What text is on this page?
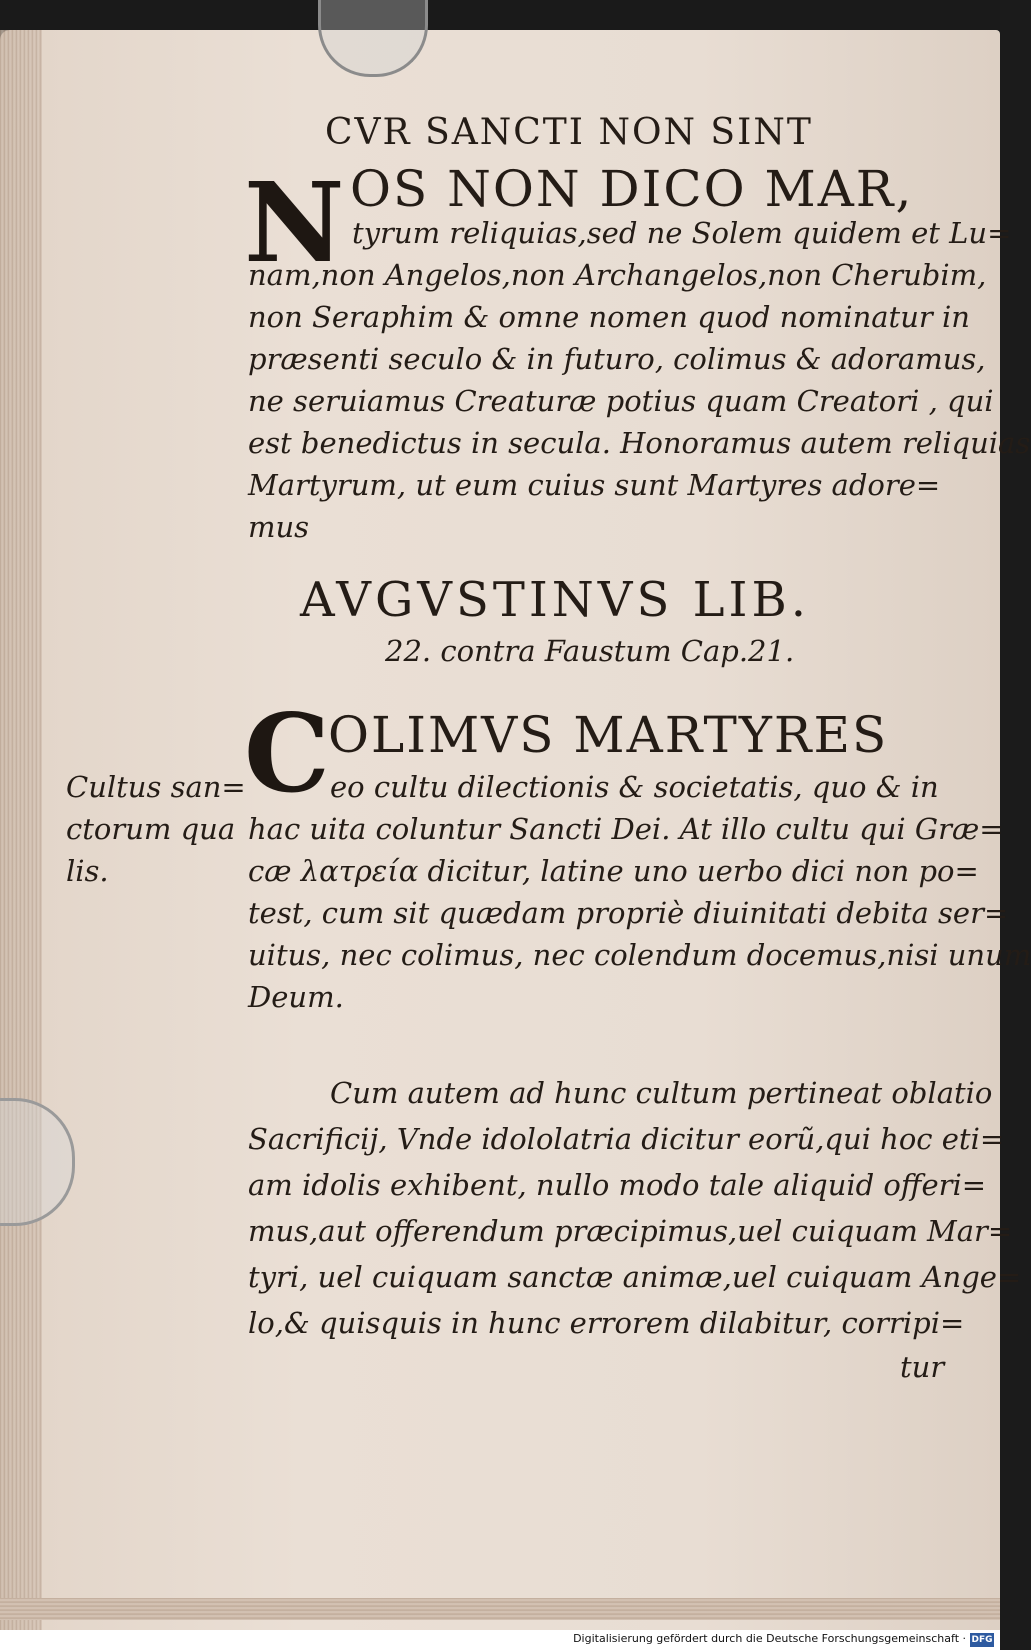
CVR SANCTI NON SINT
N OS NON DICO MAR,
tyrum reliquias,sed ne Solem quidem et Lu=
nam,non Angelos,non Archangelos,non Cherubim,
non Seraphim & omne nomen quod nominatur in
præsenti seculo & in futuro, colimus & adoramus,
ne seruiamus Creaturæ potius quam Creatori , qui
est benedictus in secula. Honoramus autem reliquias
Martyrum, ut eum cuius sunt Martyres adore=
mus
AVGVSTINVS LIB.
22. contra Faustum Cap.21.
C
OLIMVS MARTYRES
eo cultu dilectionis & societatis, quo & in
hac uita coluntur Sancti Dei. At illo cultu qui Græ=
cæ λατρεία dicitur, latine uno uerbo dici non po=
test, cum sit quædam propriè diuinitati debita ser=
uitus, nec colimus, nec colendum docemus,nisi unum
Deum.
Cultus san=
ctorum qua
lis.
Cum autem ad hunc cultum pertineat oblatio
Sacrificij, Vnde idololatria dicitur eorũ,qui hoc eti=
am idolis exhibent, nullo modo tale aliquid offeri=
mus,aut offerendum præcipimus,uel cuiquam Mar=
tyri, uel cuiquam sanctæ animæ,uel cuiquam Ange=
lo,& quisquis in hunc errorem dilabitur, corripi=
tur
Digitalisierung gefördert durch die Deutsche Forschungsgemeinschaft · DFG
